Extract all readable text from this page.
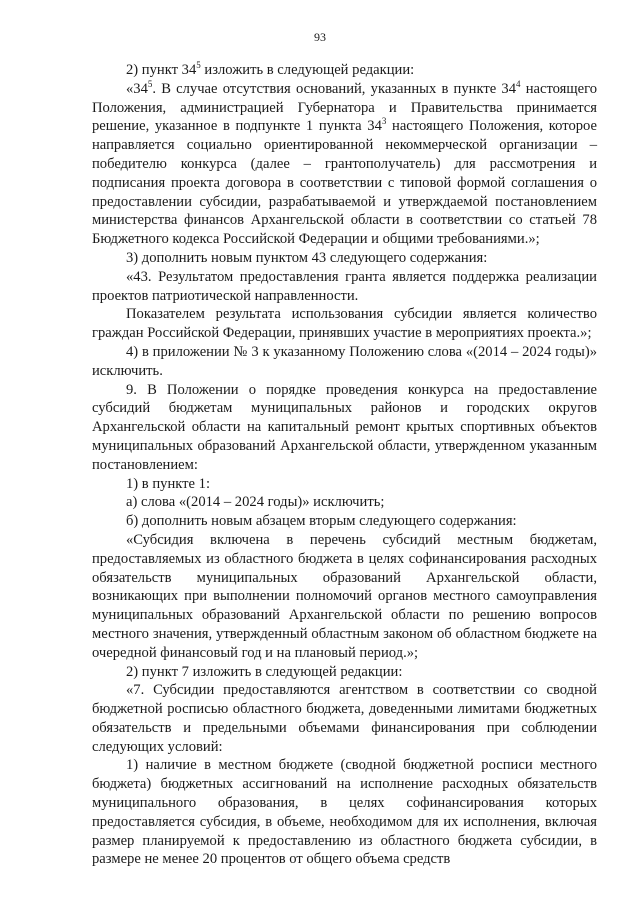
93

2) пункт $34^5$ изложить в следующей редакции:

«$34^5$. В случае отсутствия оснований, указанных в пункте $34^4$ настоящего Положения, администрацией Губернатора и Правительства принимается решение, указанное в подпункте 1 пункта $34^3$ настоящего Положения, которое направляется социально ориентированной некоммерческой организации – победителю конкурса (далее – грантополучатель) для рассмотрения и подписания проекта договора в соответствии с типовой формой соглашения о предоставлении субсидии, разрабатываемой и утверждаемой постановлением министерства финансов Архангельской области в соответствии со статьей 78 Бюджетного кодекса Российской Федерации и общими требованиями.»;

3) дополнить новым пунктом 43 следующего содержания:

«43. Результатом предоставления гранта является поддержка реализации проектов патриотической направленности.

Показателем результата использования субсидии является количество граждан Российской Федерации, принявших участие в мероприятиях проекта.»;

4) в приложении № 3 к указанному Положению слова «(2014 – 2024 годы)» исключить.

9. В Положении о порядке проведения конкурса на предоставление субсидий бюджетам муниципальных районов и городских округов Архангельской области на капитальный ремонт крытых спортивных объектов муниципальных образований Архангельской области, утвержденном указанным постановлением:

1) в пункте 1:

а) слова «(2014 – 2024 годы)» исключить;

б) дополнить новым абзацем вторым следующего содержания:

«Субсидия включена в перечень субсидий местным бюджетам, предоставляемых из областного бюджета в целях софинансирования расходных обязательств муниципальных образований Архангельской области, возникающих при выполнении полномочий органов местного самоуправления муниципальных образований Архангельской области по решению вопросов местного значения, утвержденный областным законом об областном бюджете на очередной финансовый год и на плановый период.»;

2) пункт 7 изложить в следующей редакции:

«7. Субсидии предоставляются агентством в соответствии со сводной бюджетной росписью областного бюджета, доведенными лимитами бюджетных обязательств и предельными объемами финансирования при соблюдении следующих условий:

1) наличие в местном бюджете (сводной бюджетной росписи местного бюджета) бюджетных ассигнований на исполнение расходных обязательств муниципального образования, в целях софинансирования которых предоставляется субсидия, в объеме, необходимом для их исполнения, включая размер планируемой к предоставлению из областного бюджета субсидии, в размере не менее 20 процентов от общего объема средств
